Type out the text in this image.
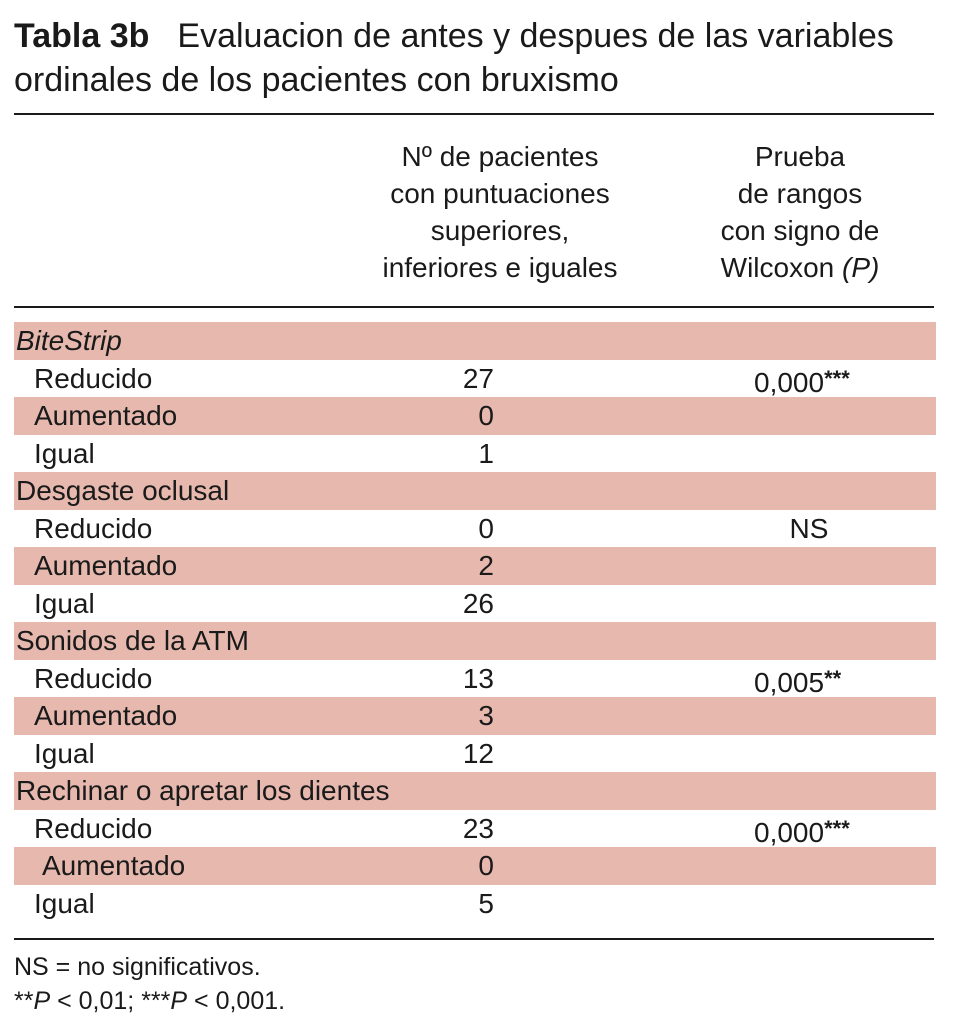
Tabla 3b Evaluacion de antes y despues de las variables
ordinales de los pacientes con bruxismo
Nº de pacientes
con puntuaciones
superiores,
inferiores e iguales
Prueba
de rangos
con signo de
Wilcoxon (P)
BiteStrip
Reducido	27	0,000***
Aumentado	0
Igual	1
Desgaste oclusal
Reducido	0	NS
Aumentado	2
Igual	26
Sonidos de la ATM
Reducido	13	0,005**
Aumentado	3
Igual	12
Rechinar o apretar los dientes
Reducido	23	0,000***
Aumentado	0
Igual	5
NS = no significativos.
**P < 0,01; ***P < 0,001.
